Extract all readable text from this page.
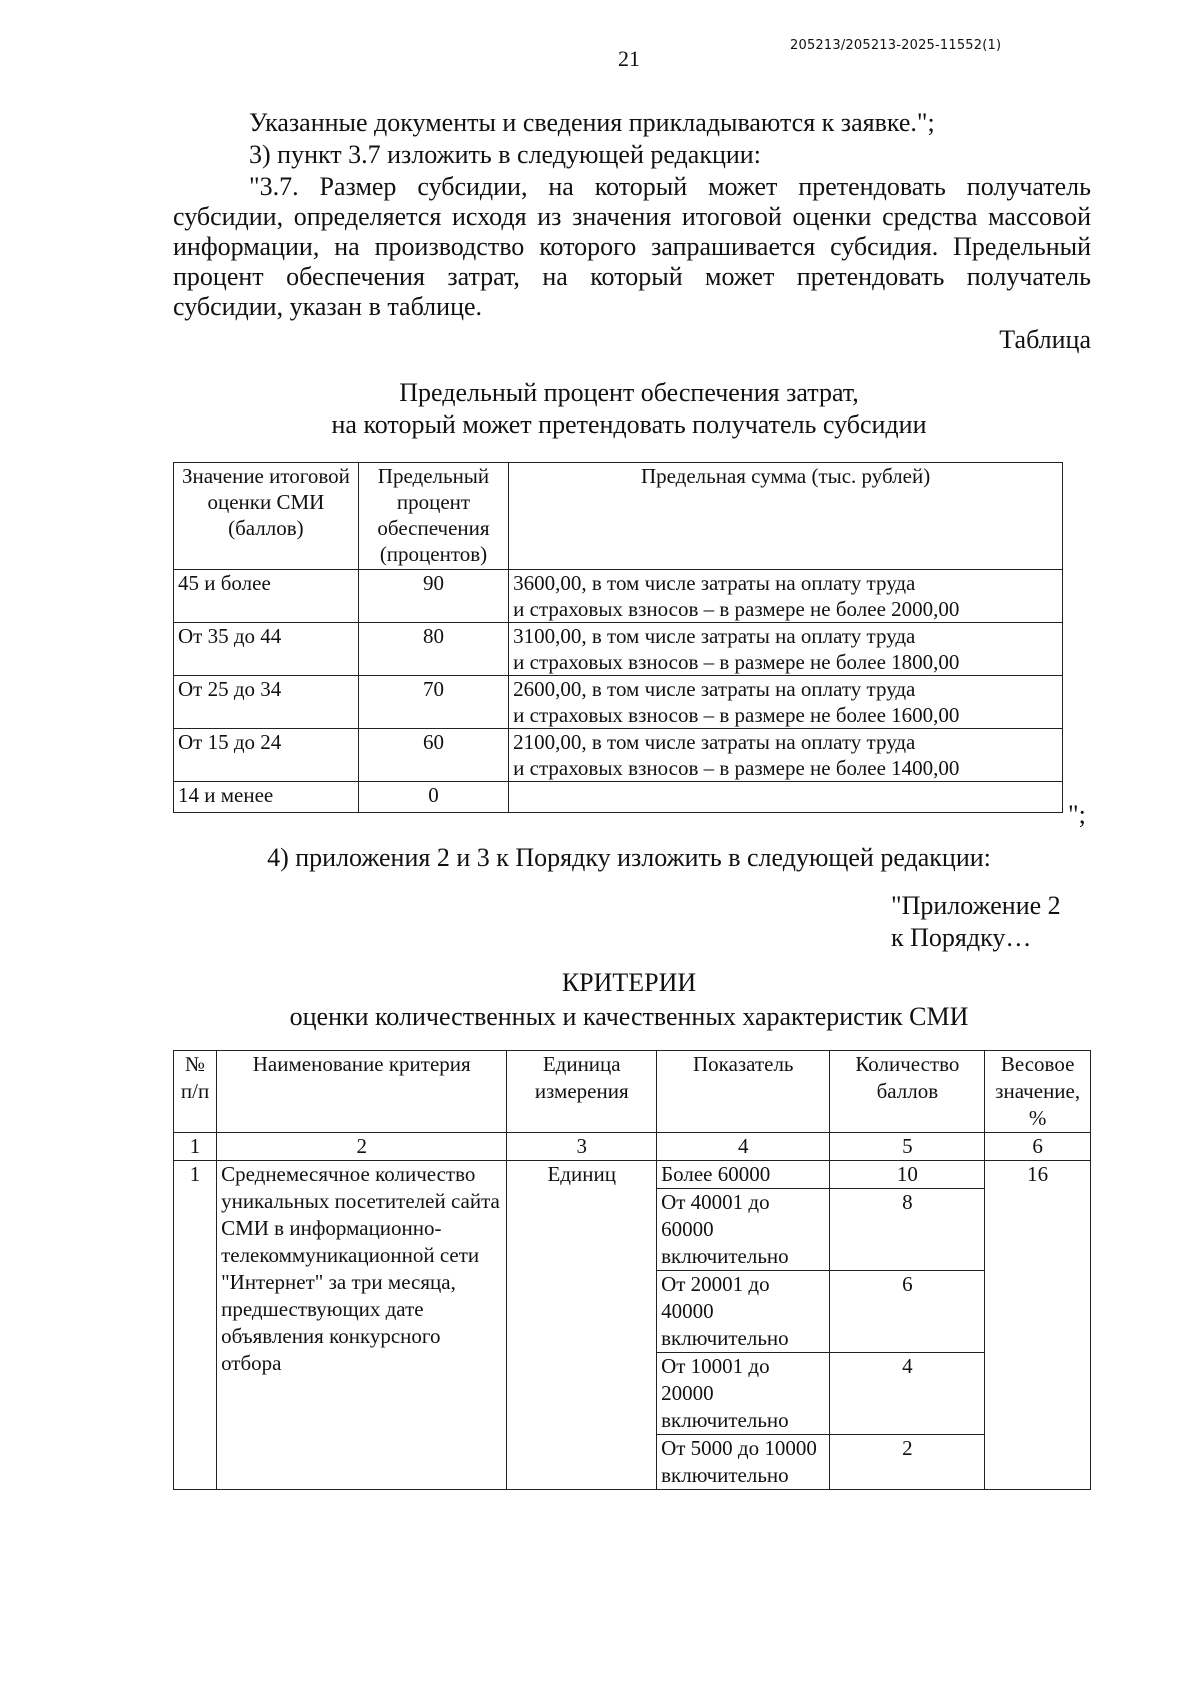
21
205213/205213-2025-11552(1)
Указанные документы и сведения прикладываются к заявке.";
3) пункт 3.7 изложить в следующей редакции:
"3.7. Размер субсидии, на который может претендовать получатель субсидии, определяется исходя из значения итоговой оценки средства массовой информации, на производство которого запрашивается субсидия. Предельный процент обеспечения затрат, на который может претендовать получатель субсидии, указан в таблице.
Таблица
Предельный процент обеспечения затрат,
на который может претендовать получатель субсидии
Значение итоговой оценки СМИ (баллов)	Предельный процент обеспечения (процентов)	Предельная сумма (тыс. рублей)
45 и более	90	3600,00, в том числе затраты на оплату труда
и страховых взносов – в размере не более 2000,00

От 35 до 44	80	3100,00, в том числе затраты на оплату труда
и страховых взносов – в размере не более 1800,00

От 25 до 34	70	2600,00, в том числе затраты на оплату труда
и страховых взносов – в размере не более 1600,00

От 15 до 24	60	2100,00, в том числе затраты на оплату труда
и страховых взносов – в размере не более 1400,00

14 и менее	0	
";
4) приложения 2 и 3 к Порядку изложить в следующей редакции:
"Приложение 2
к Порядку…
КРИТЕРИИ
оценки количественных и качественных характеристик СМИ
№ п/п	Наименование критерия	Единица измерения	Показатель	Количество баллов	Весовое значение, %
1	2	3	4	5	6
1	Среднемесячное количество уникальных посетителей сайта СМИ в информационно-телекоммуникационной сети "Интернет" за три месяца, предшествующих дате объявления конкурсного отбора	Единиц	Более 60000	10	16
			От 40001 до 60000 включительно	8	
			От 20001 до 40000 включительно	6	
			От 10001 до 20000 включительно	4	
			От 5000 до 10000 включительно	2	
